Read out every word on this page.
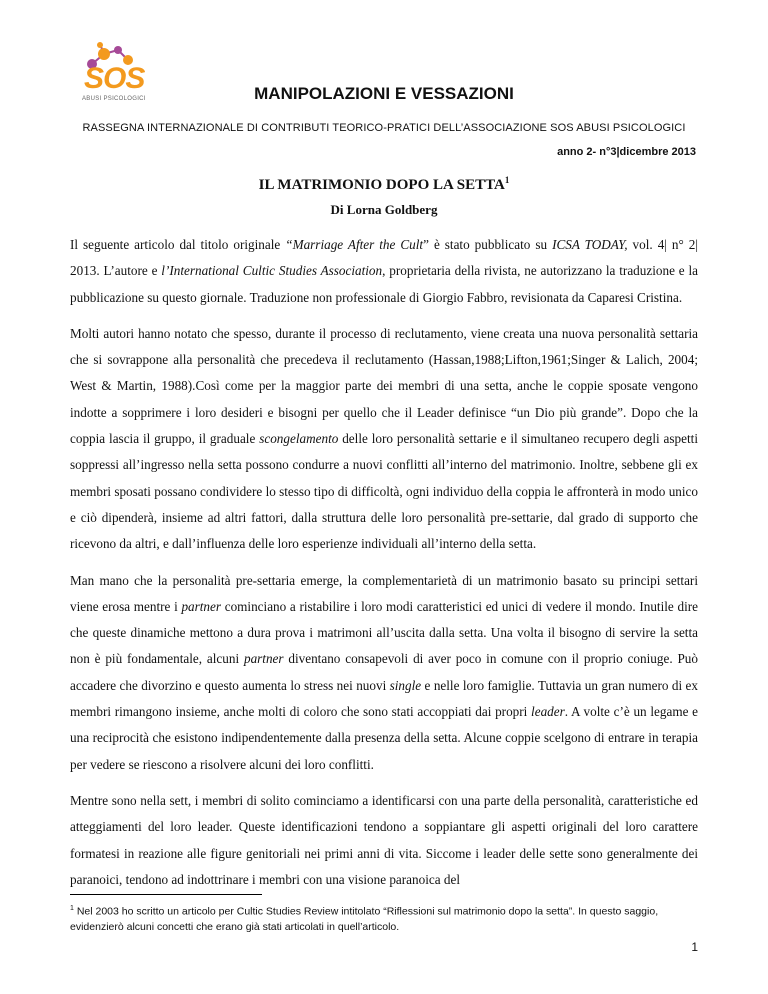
SOS
ABUSI PSICOLOGICI	MANIPOLAZIONI E VESSAZIONI
RASSEGNA INTERNAZIONALE DI CONTRIBUTI TEORICO-PRATICI DELL’ASSOCIAZIONE SOS ABUSI PSICOLOGICI
anno 2- n°3|dicembre 2013
IL MATRIMONIO DOPO LA SETTA$^1$
Di Lorna Goldberg

Il seguente articolo dal titolo originale “Marriage After the Cult” è stato pubblicato su ICSA TODAY, vol. 4| n° 2| 2013. L’autore e l’International Cultic Studies Association, proprietaria della rivista, ne autorizzano la traduzione e la pubblicazione su questo giornale. Traduzione non professionale di Giorgio Fabbro, revisionata da Caparesi Cristina.

Molti autori hanno notato che spesso, durante il processo di reclutamento, viene creata una nuova personalità settaria che si sovrappone alla personalità che precedeva il reclutamento (Hassan,1988;Lifton,1961;Singer & Lalich, 2004; West & Martin, 1988).Così come per la maggior parte dei membri di una setta, anche le coppie sposate vengono indotte a sopprimere i loro desideri e bisogni per quello che il Leader definisce “un Dio più grande”. Dopo che la coppia lascia il gruppo, il graduale scongelamento delle loro personalità settarie e il simultaneo recupero degli aspetti soppressi all’ingresso nella setta possono condurre a nuovi conflitti all’interno del matrimonio. Inoltre, sebbene gli ex membri sposati possano condividere lo stesso tipo di difficoltà, ogni individuo della coppia le affronterà in modo unico e ciò dipenderà, insieme ad altri fattori, dalla struttura delle loro personalità pre-settarie, dal grado di supporto che ricevono da altri, e dall’influenza delle loro esperienze individuali all’interno della setta.

Man mano che la personalità pre-settaria emerge, la complementarietà di un matrimonio basato su principi settari viene erosa mentre i partner cominciano a ristabilire i loro modi caratteristici ed unici di vedere il mondo. Inutile dire che queste dinamiche mettono a dura prova i matrimoni all’uscita dalla setta. Una volta il bisogno di servire la setta non è più fondamentale, alcuni partner diventano consapevoli di aver poco in comune con il proprio coniuge. Può accadere che divorzino e questo aumenta lo stress nei nuovi single e nelle loro famiglie. Tuttavia un gran numero di ex membri rimangono insieme, anche molti di coloro che sono stati accoppiati dai propri leader. A volte c’è un legame e una reciprocità che esistono indipendentemente dalla presenza della setta. Alcune coppie scelgono di entrare in terapia per vedere se riescono a risolvere alcuni dei loro conflitti.

Mentre sono nella sett, i membri di solito cominciamo a identificarsi con una parte della personalità, caratteristiche ed atteggiamenti del loro leader. Queste identificazioni tendono a soppiantare gli aspetti originali del loro carattere formatesi in reazione alle figure genitoriali nei primi anni di vita. Siccome i leader delle sette sono generalmente dei paranoici, tendono ad indottrinare i membri con una visione paranoica del

$^1$ Nel 2003 ho scritto un articolo per Cultic Studies Review intitolato “Riflessioni sul matrimonio dopo la setta”. In questo saggio, evidenzierò alcuni concetti che erano già stati articolati in quell’articolo.
1
